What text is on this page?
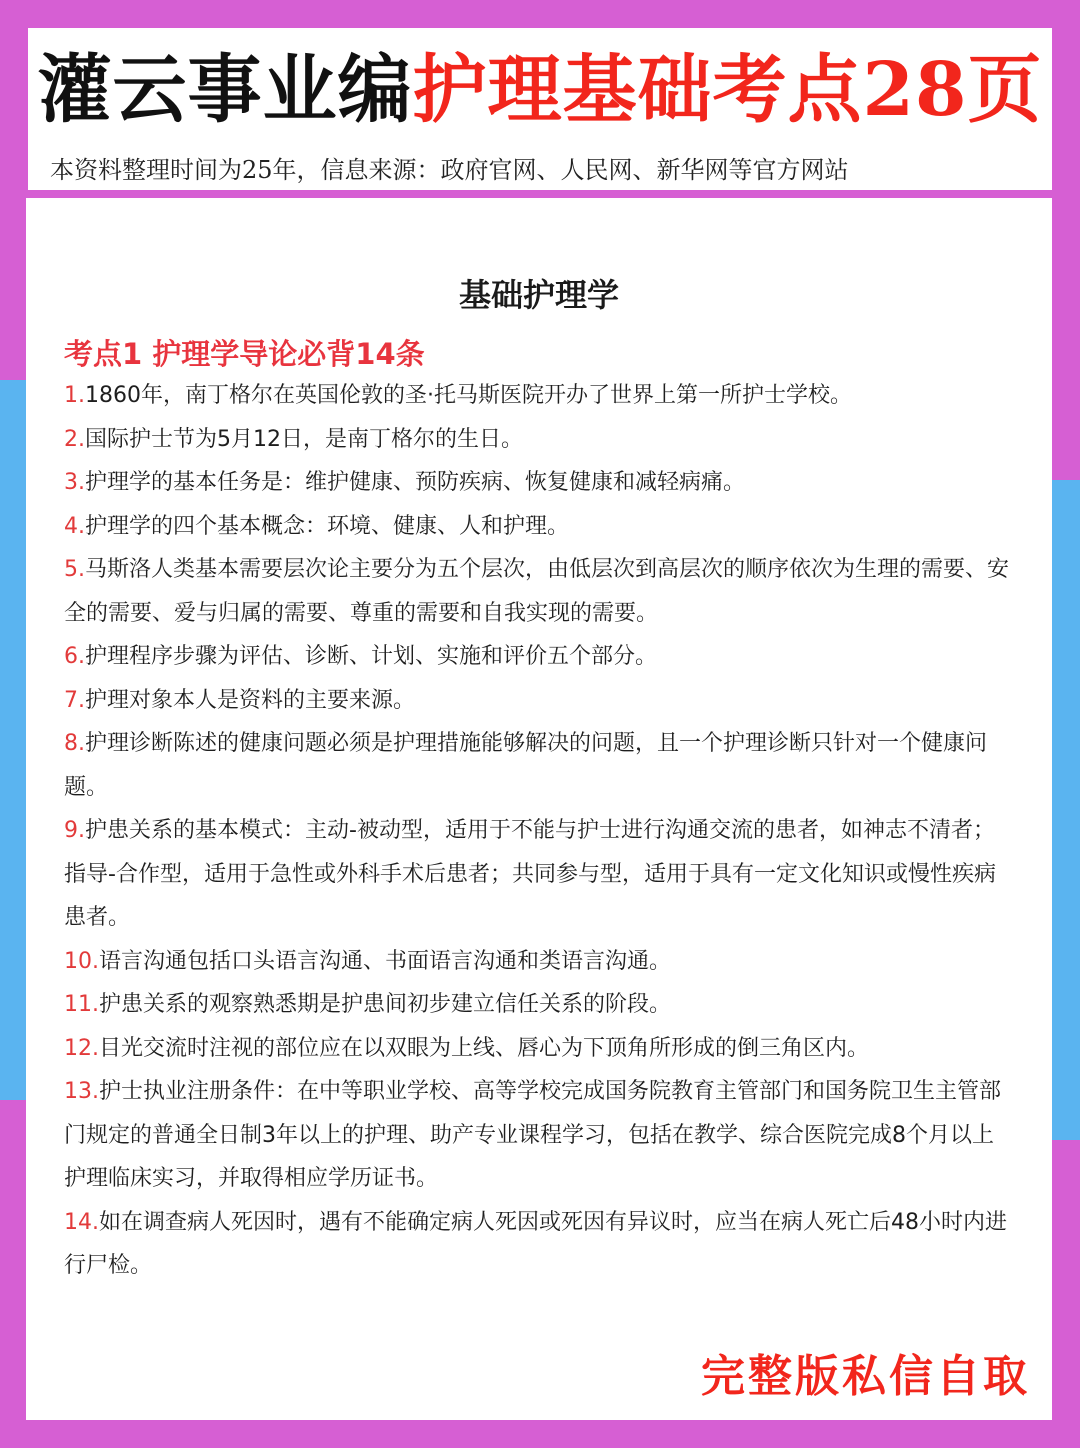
灌云事业编护理基础考点28页
本资料整理时间为25年，信息来源：政府官网、人民网、新华网等官方网站
基础护理学
考点1 护理学导论必背14条
1.1860年，南丁格尔在英国伦敦的圣·托马斯医院开办了世界上第一所护士学校。
2.国际护士节为5月12日，是南丁格尔的生日。
3.护理学的基本任务是：维护健康、预防疾病、恢复健康和减轻病痛。
4.护理学的四个基本概念：环境、健康、人和护理。
5.马斯洛人类基本需要层次论主要分为五个层次，由低层次到高层次的顺序依次为生理的需要、安全的需要、爱与归属的需要、尊重的需要和自我实现的需要。
6.护理程序步骤为评估、诊断、计划、实施和评价五个部分。
7.护理对象本人是资料的主要来源。
8.护理诊断陈述的健康问题必须是护理措施能够解决的问题，且一个护理诊断只针对一个健康问题。
9.护患关系的基本模式：主动-被动型，适用于不能与护士进行沟通交流的患者，如神志不清者；指导-合作型，适用于急性或外科手术后患者；共同参与型，适用于具有一定文化知识或慢性疾病患者。
10.语言沟通包括口头语言沟通、书面语言沟通和类语言沟通。
11.护患关系的观察熟悉期是护患间初步建立信任关系的阶段。
12.目光交流时注视的部位应在以双眼为上线、唇心为下顶角所形成的倒三角区内。
13.护士执业注册条件：在中等职业学校、高等学校完成国务院教育主管部门和国务院卫生主管部门规定的普通全日制3年以上的护理、助产专业课程学习，包括在教学、综合医院完成8个月以上护理临床实习，并取得相应学历证书。
14.如在调查病人死因时，遇有不能确定病人死因或死因有异议时，应当在病人死亡后48小时内进行尸检。
完整版私信自取
